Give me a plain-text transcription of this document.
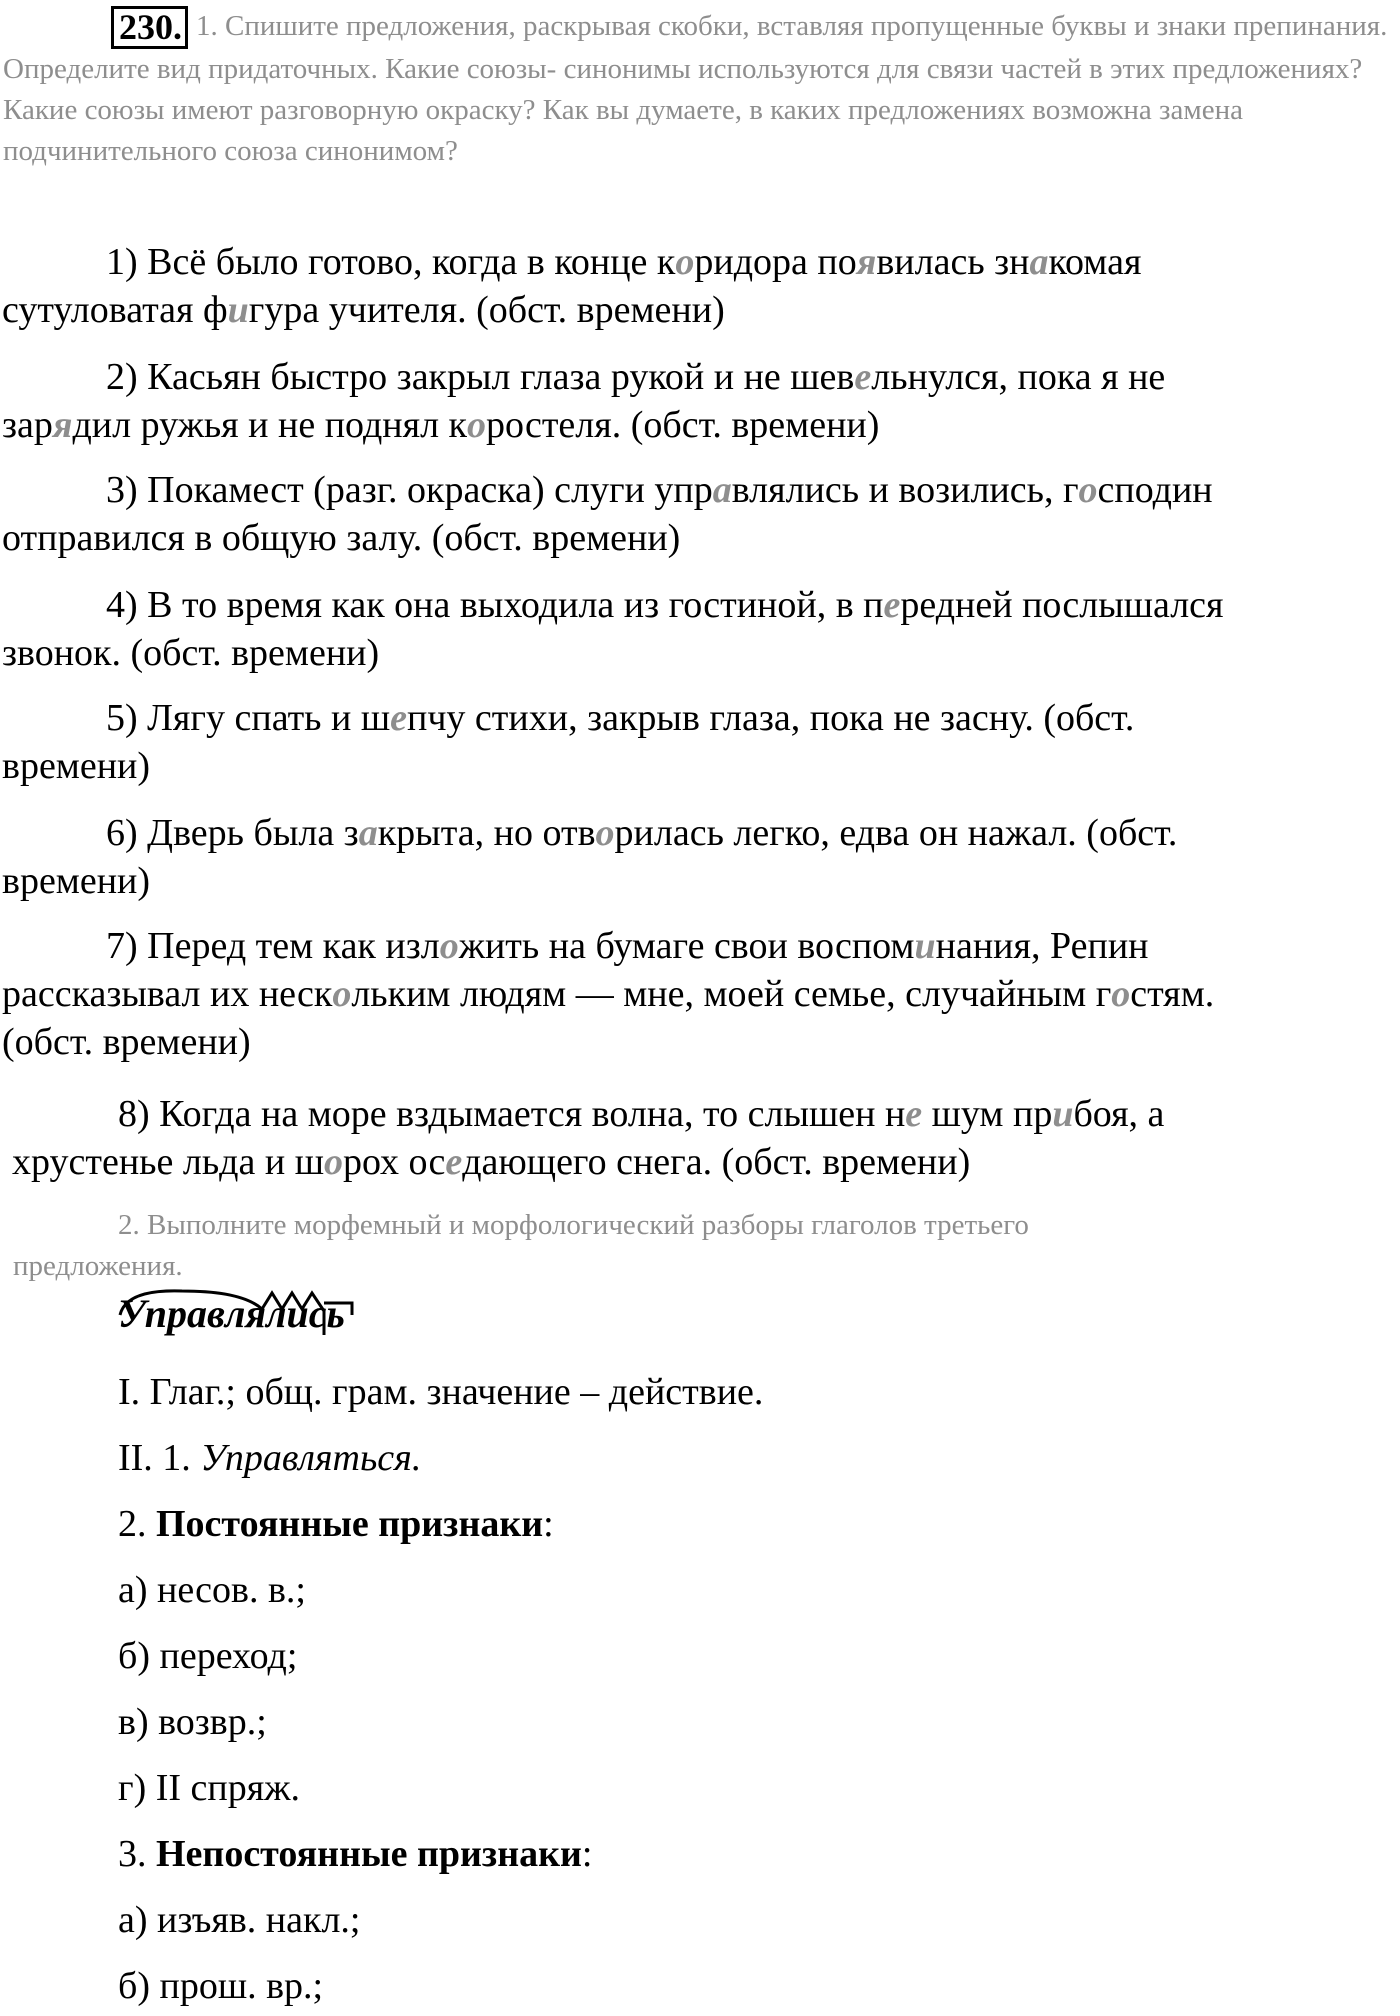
230. 1. Спишите предложения, раскрывая скобки, вставляя пропущенные буквы и знаки препинания. Определите вид придаточных. Какие союзы- синонимы используются для связи частей в этих предложениях? Какие союзы имеют разговорную окраску? Как вы думаете, в каких предложениях возможна замена подчинительного союза синонимом?
1) Всё было готово, когда в конце коридора появилась знакомая
сутуловатая фигура учителя. (обст. времени)
2) Касьян быстро закрыл глаза рукой и не шевельнулся, пока я не
зарядил ружья и не поднял коростеля. (обст. времени)
3) Покамест (разг. окраска) слуги управлялись и возились, господин
отправился в общую залу. (обст. времени)
4) В то время как она выходила из гостиной, в передней послышался
звонок. (обст. времени)
5) Лягу спать и шепчу стихи, закрыв глаза, пока не засну. (обст.
времени)
6) Дверь была закрыта, но отворилась легко, едва он нажал. (обст.
времени)
7) Перед тем как изложить на бумаге свои воспоминания, Репин
рассказывал их нескольким людям — мне, моей семье, случайным гостям.
(обст. времени)
8) Когда на море вздымается волна, то слышен не шум прибоя, а
хрустенье льда и шорох оседающего снега. (обст. времени)
2. Выполните морфемный и морфологический разборы глаголов третьего
предложения.
Управлялись
I. Глаг.; общ. грам. значение – действие.
II. 1. Управляться.
2. Постоянные признаки:
а) несов. в.;
б) переход;
в) возвр.;
г) II спряж.
3. Непостоянные признаки:
а) изъяв. накл.;
б) прош. вр.;
